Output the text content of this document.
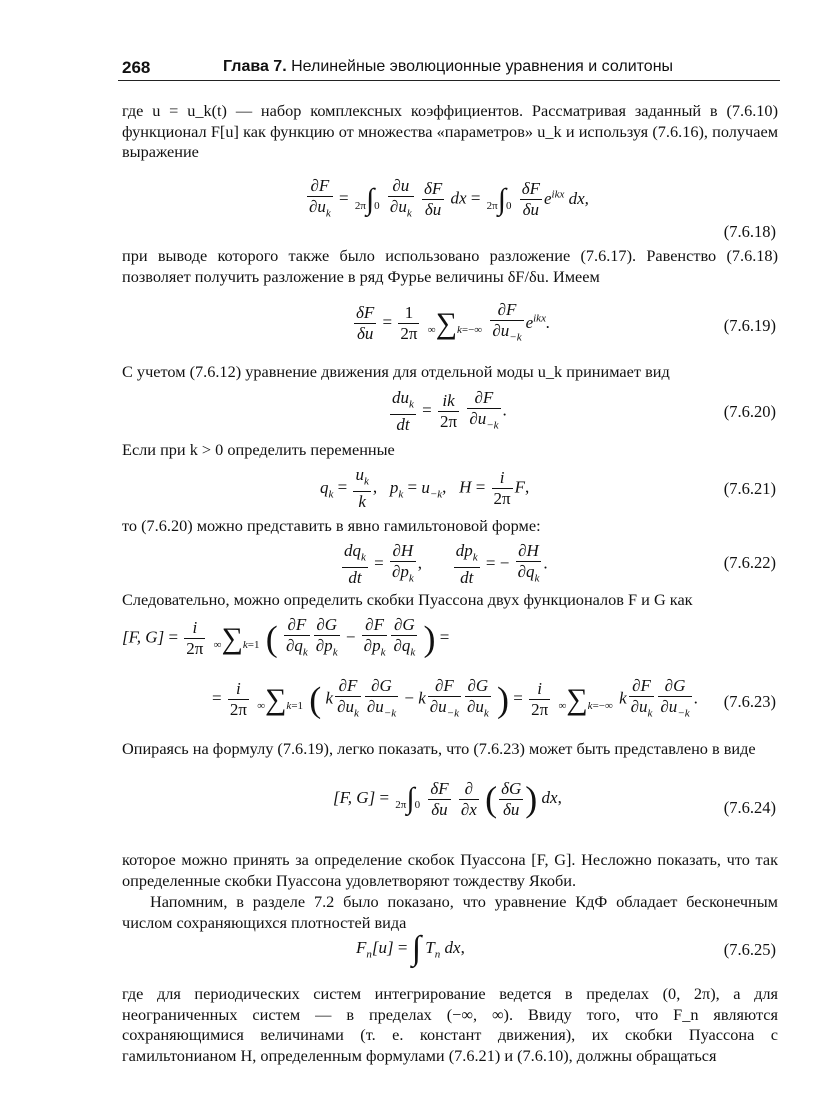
268	Глава 7. Нелинейные эволюционные уравнения и солитоны

где u = u_k(t) — набор комплексных коэффициентов. Рассматривая заданный в (7.6.10) функционал F[u] как функцию от множества «параметров» u_k и используя (7.6.16), получаем выражение

$\frac{\partial F}{\partial u_k} = 2\pi\int 0 \frac{\partial u}{\partial u_k}$
$\frac{\delta F}{\delta u}$ dx = $2\pi\int 0 \frac{\delta F}{\delta u} e^{ikx}$ dx,
(7.6.18)

при выводе которого также было использовано разложение (7.6.17). Равенство (7.6.18) позволяет получить разложение в ряд Фурье величины δF/δu. Имеем

$\frac{\delta F}{\delta u} = \frac{1}{2\pi} \infty\sum k=-\infty \frac{\partial F}{\partial u_{-k}} e^{ikx}$.	(7.6.19)

С учетом (7.6.12) уравнение движения для отдельной моды u_k принимает вид

$\frac{du_k}{dt} = \frac{ik}{2\pi}$
$\frac{\partial F}{\partial u_{-k}}$ .	(7.6.20)

Если при k > 0 определить переменные

$q_k = \frac{u_k}{k}$ ,   $p_k = u_{-k}$,   $H = \frac{i}{2\pi} F$,	(7.6.21)

то (7.6.20) можно представить в явно гамильтоновой форме:

$\frac{dq_k}{dt} = \frac{\partial H}{\partial p_k}$ , $\frac{dp_k}{dt}$ = − $\frac{\partial H}{\partial q_k}$ .	(7.6.22)

Следовательно, можно определить скобки Пуассона двух функционалов F и G как

[F, $G] = \frac{i}{2\pi} \infty\sum k=1$ ( $\frac{\partial F}{\partial q_k} \frac{\partial G}{\partial p_k} - \frac{\partial F}{\partial p_k} \frac{\partial G}{\partial q_k}$ ) =
= $\frac{i}{2\pi} \infty\sum k=1$ ( k $\frac{\partial F}{\partial u_k} \frac{\partial G}{\partial u_{-k}} - k \frac{\partial F}{\partial u_{-k}} \frac{\partial G}{\partial u_k}$ ) = $\frac{i}{2\pi} \infty\sum k=-\infty$ k $\frac{\partial F}{\partial u_k} \frac{\partial G}{\partial u_{-k}}$ . (7.6.23)

Опираясь на формулу (7.6.19), легко показать, что (7.6.23) может быть представлено в виде

[F, $G] = 2\pi\int 0 \frac{\delta F}{\delta u}$
$\frac{\partial}{\partial x}$ ( $\frac{\delta G}{\delta u}$ ) dx,
(7.6.24)

которое можно принять за определение скобок Пуассона [F, G]. Несложно показать, что так определенные скобки Пуассона удовлетворяют тождеству Якоби.

Напомним, в разделе 7.2 было показано, что уравнение КдФ обладает бесконечным числом сохраняющихся плотностей вида

$F_n[u]$ = ∫ $T_n$ dx,	(7.6.25)

где для периодических систем интегрирование ведется в пределах (0, 2π), а для неограниченных систем — в пределах (−∞, ∞). Ввиду того, что F_n являются сохраняющимися величинами (т. е. констант движения), их скобки Пуассона с гамильтонианом H, определенным формулами (7.6.21) и (7.6.10), должны обращаться
